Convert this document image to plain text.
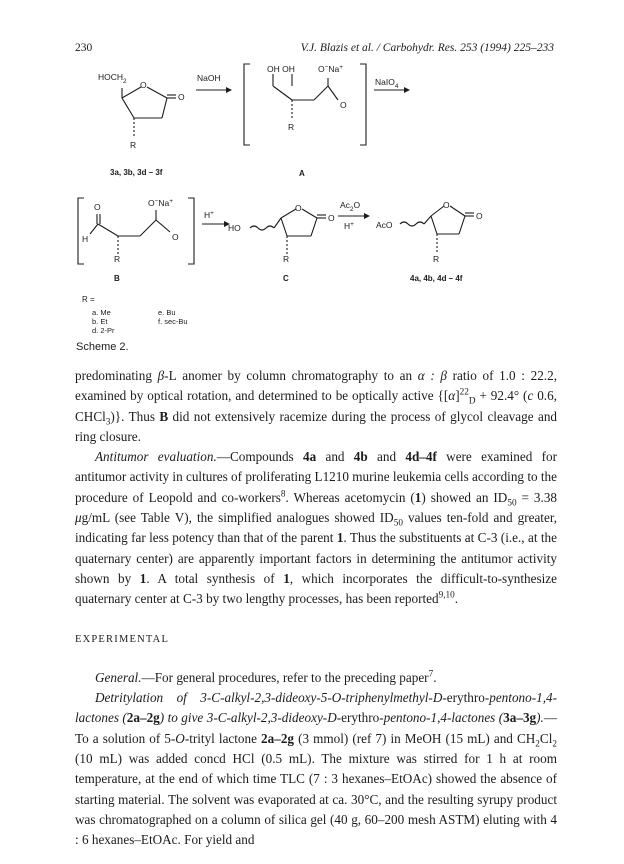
230	V.J. Blazis et al. / Carbohydr. Res. 253 (1994) 225–233
$HOCH_2$ O
O
R
3a, 3b, 3d – 3f
NaOH
OH OH	O−Na+
O
R
A
NaIO$_4$
O
H
O−Na+
O
R
B
H+
HO
O
O
R
C
$Ac_2O$
H+	AcO
O
O
R
4a, 4b, 4d – 4f
R =
a. Me
b. Et
d. 2-Pr
e. Bu
f. sec-Bu
Scheme 2.

predominating β-L anomer by column chromatography to an α : β ratio of 1.0 : 22.2, examined by optical rotation, and determined to be optically active {$[\alpha]^{22}_D + 92.4^\circ$ (c 0.6, CHCl$_3$)}. Thus B did not extensively racemize during the process of glycol cleavage and ring closure.

Antitumor evaluation.—Compounds 4a and 4b and 4d–4f were examined for antitumor activity in cultures of proliferating L1210 murine leukemia cells according to the procedure of Leopold and co-workers$^8$. Whereas acetomycin (1) showed an $ID_{50} = 3.38$ μg/mL (see Table V), the simplified analogues showed $ID_{50}$ values ten-fold and greater, indicating far less potency than that of the parent 1. Thus the substituents at C-3 (i.e., at the quaternary center) are apparently important factors in determining the antitumor activity shown by 1. A total synthesis of 1, which incorporates the difficult-to-synthesize quaternary center at C-3 by two lengthy processes, has been reported$^{9,10}$.

EXPERIMENTAL

General.—For general procedures, refer to the preceding paper$^7$.

Detritylation of 3-C-alkyl-2,3-dideoxy-5-O-triphenylmethyl-D-erythro-pentono-1,4-lactones (2a–2g) to give 3-C-alkyl-2,3-dideoxy-D-erythro-pentono-1,4-lactones (3a–3g).—To a solution of 5-O-trityl lactone 2a–2g (3 mmol) (ref 7) in MeOH (15 mL) and $CH_2Cl_2$ (10 mL) was added concd HCl (0.5 mL). The mixture was stirred for 1 h at room temperature, at the end of which time TLC (7 : 3 hexanes–EtOAc) showed the absence of starting material. The solvent was evaporated at ca. 30°C, and the resulting syrupy product was chromatographed on a column of silica gel (40 g, 60–200 mesh ASTM) eluting with 4 : 6 hexanes–EtOAc. For yield and
